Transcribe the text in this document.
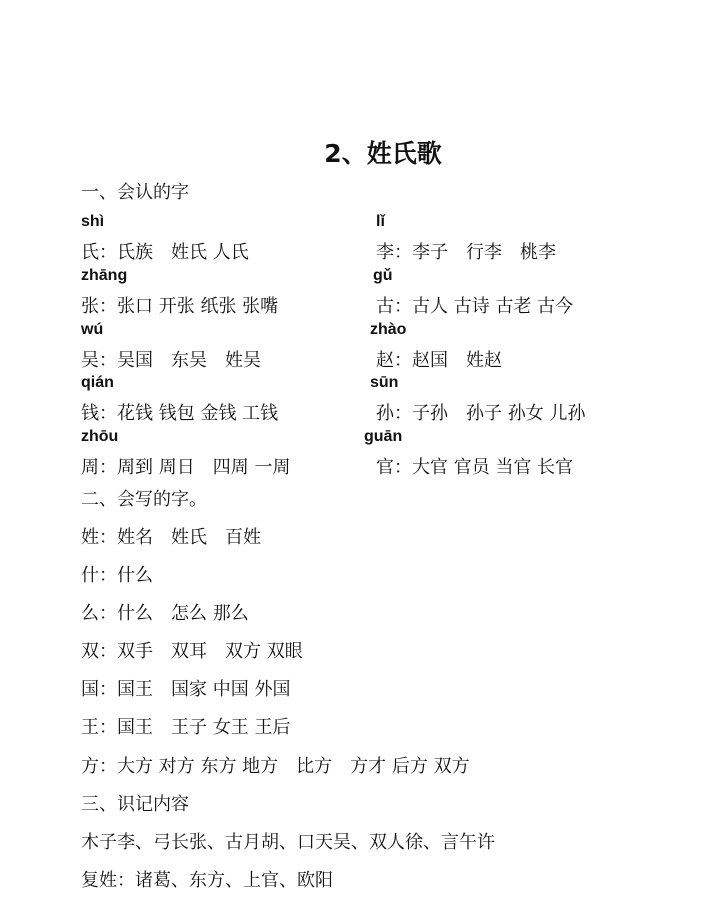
2、姓氏歌
一、会认的字
shì
氏：氏族　姓氏 人氏
zhāng
张：张口 开张 纸张 张嘴
wú
吴：吴国　东吴　姓吴
qián
钱：花钱 钱包 金钱 工钱
zhōu
周：周到 周日　四周 一周
lǐ
李：李子　行李　桃李
gǔ
古：古人 古诗 古老 古今
zhào
赵：赵国　姓赵
sūn
孙：子孙　孙子 孙女 儿孙
guān
官：大官 官员 当官 长官
二、会写的字。
姓：姓名　姓氏　百姓
什：什么
么：什么　怎么 那么
双：双手　双耳　双方 双眼
国：国王　国家 中国 外国
王：国王　王子 女王 王后
方：大方 对方 东方 地方　比方　方才 后方 双方
三、识记内容
木子李、弓长张、古月胡、口天吴、双人徐、言午许
复姓：诸葛、东方、上官、欧阳
